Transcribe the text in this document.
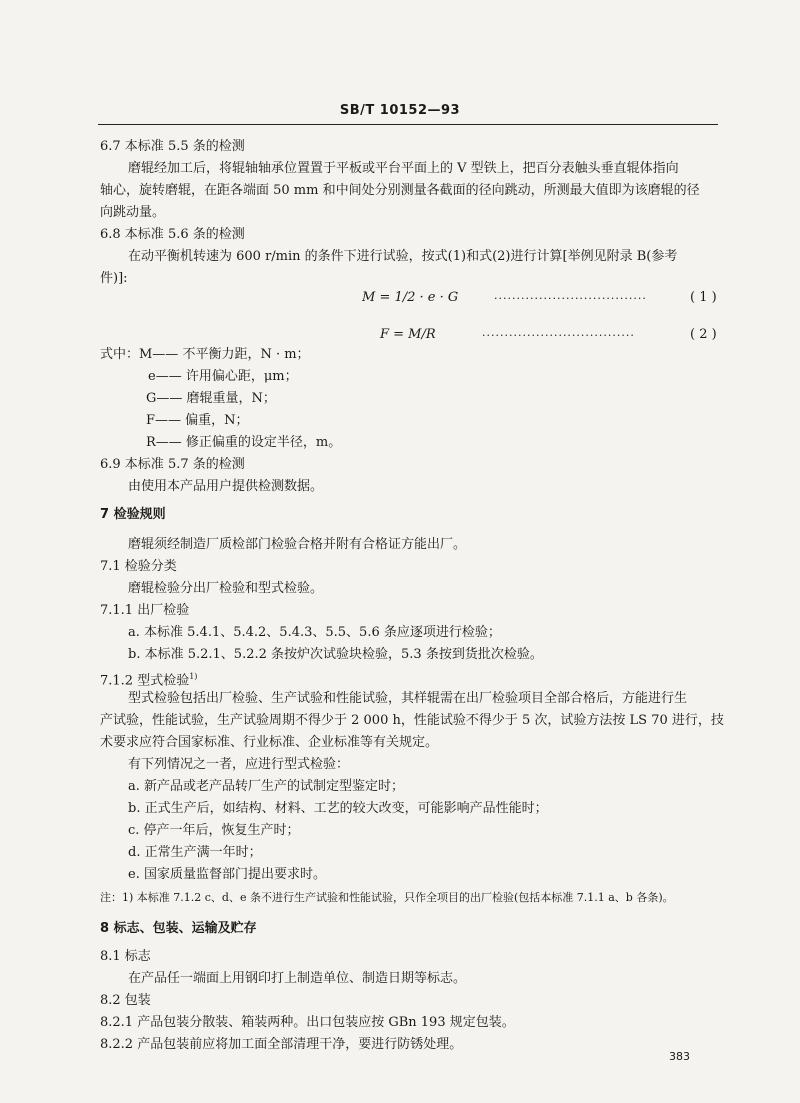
SB/T 10152—93
6.7 本标准 5.5 条的检测
磨辊经加工后，将辊轴轴承位置置于平板或平台平面上的 V 型铁上，把百分表触头垂直辊体指向
轴心，旋转磨辊，在距各端面 50 mm 和中间处分别测量各截面的径向跳动，所测最大值即为该磨辊的径
向跳动量。
6.8 本标准 5.6 条的检测
在动平衡机转速为 600 r/min 的条件下进行试验，按式(1)和式(2)进行计算[举例见附录 B(参考
件)]:
M = 1/2 · e · G	··································	( 1 )
F = M/R	··································	( 2 )
式中：M—— 不平衡力距，N · m；
e—— 许用偏心距，μm；
G—— 磨辊重量，N；
F—— 偏重，N；
R—— 修正偏重的设定半径，m。
6.9 本标准 5.7 条的检测
由使用本产品用户提供检测数据。
7 检验规则
磨辊须经制造厂质检部门检验合格并附有合格证方能出厂。
7.1 检验分类
磨辊检验分出厂检验和型式检验。
7.1.1 出厂检验
a. 本标准 5.4.1、5.4.2、5.4.3、5.5、5.6 条应逐项进行检验；
b. 本标准 5.2.1、5.2.2 条按炉次试验块检验，5.3 条按到货批次检验。
7.1.2 型式检验$^{1)}$
型式检验包括出厂检验、生产试验和性能试验，其样辊需在出厂检验项目全部合格后，方能进行生
产试验，性能试验，生产试验周期不得少于 2 000 h，性能试验不得少于 5 次，试验方法按 LS 70 进行，技
术要求应符合国家标准、行业标准、企业标准等有关规定。
有下列情况之一者，应进行型式检验：
a. 新产品或老产品转厂生产的试制定型鉴定时；
b. 正式生产后，如结构、材料、工艺的较大改变，可能影响产品性能时；
c. 停产一年后，恢复生产时；
d. 正常生产满一年时；
e. 国家质量监督部门提出要求时。
注：1) 本标准 7.1.2 c、d、e 条不进行生产试验和性能试验，只作全项目的出厂检验(包括本标准 7.1.1 a、b 各条)。
8 标志、包装、运输及贮存
8.1 标志
在产品任一端面上用钢印打上制造单位、制造日期等标志。
8.2 包装
8.2.1 产品包装分散装、箱装两种。出口包装应按 GBn 193 规定包装。
8.2.2 产品包装前应将加工面全部清理干净，要进行防锈处理。
383
